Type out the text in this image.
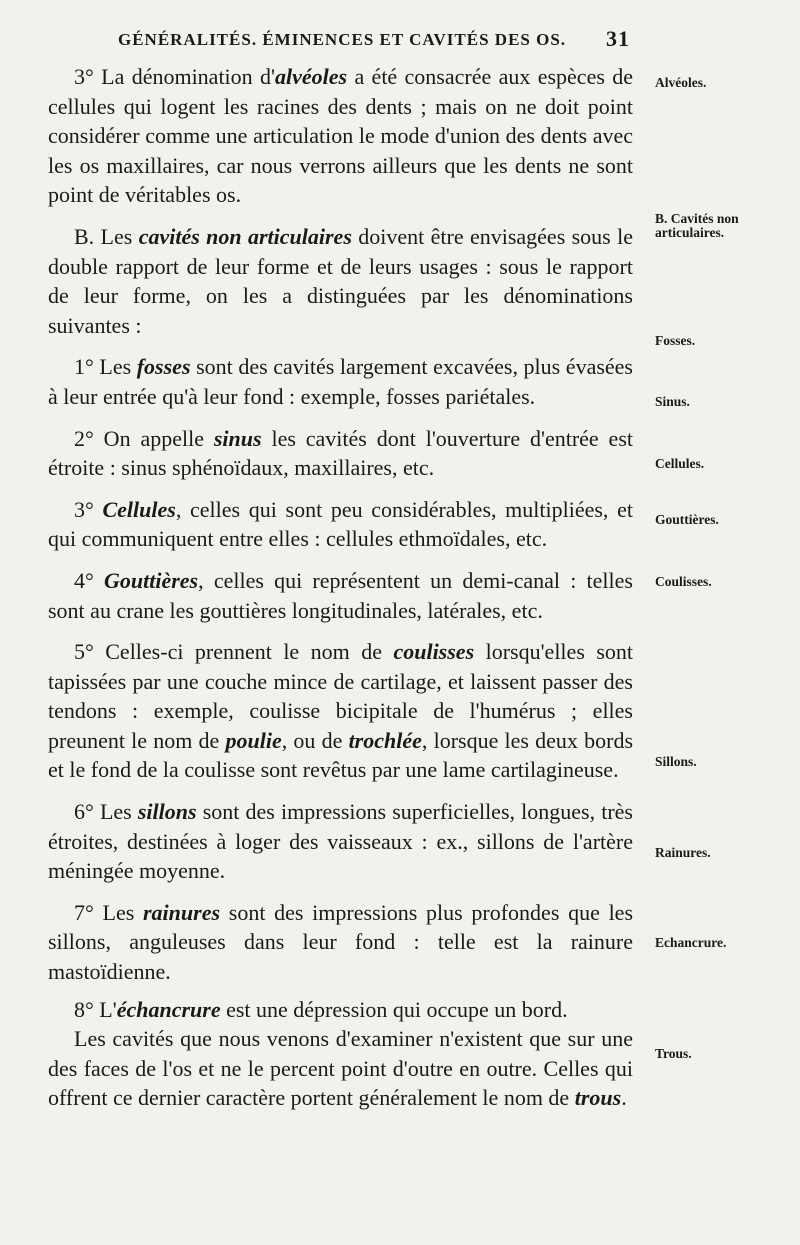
GÉNÉRALITÉS. ÉMINENCES ET CAVITÉS DES OS. 31

3° La dénomination d'alvéoles a été consacrée aux espèces de cellules qui logent les racines des dents ; mais on ne doit point considérer comme une articulation le mode d'union des dents avec les os maxillaires, car nous verrons ailleurs que les dents ne sont point de véritables os.

B. Les cavités non articulaires doivent être envisagées sous le double rapport de leur forme et de leurs usages : sous le rapport de leur forme, on les a distinguées par les dénominations suivantes :

1° Les fosses sont des cavités largement excavées, plus évasées à leur entrée qu'à leur fond : exemple, fosses pariétales.

2° On appelle sinus les cavités dont l'ouverture d'entrée est étroite : sinus sphénoïdaux, maxillaires, etc.

3° Cellules, celles qui sont peu considérables, multipliées, et qui communiquent entre elles : cellules ethmoïdales, etc.

4° Gouttières, celles qui représentent un demi-canal : telles sont au crane les gouttières longitudinales, latérales, etc.

5° Celles-ci prennent le nom de coulisses lorsqu'elles sont tapissées par une couche mince de cartilage, et laissent passer des tendons : exemple, coulisse bicipitale de l'humérus ; elles preunent le nom de poulie, ou de trochlée, lorsque les deux bords et le fond de la coulisse sont revêtus par une lame cartilagineuse.

6° Les sillons sont des impressions superficielles, longues, très étroites, destinées à loger des vaisseaux : ex., sillons de l'artère méningée moyenne.

7° Les rainures sont des impressions plus profondes que les sillons, anguleuses dans leur fond : telle est la rainure mastoïdienne.

8° L'échancrure est une dépression qui occupe un bord.

Les cavités que nous venons d'examiner n'existent que sur une des faces de l'os et ne le percent point d'outre en outre. Celles qui offrent ce dernier caractère portent généralement le nom de trous.

Alvéoles.
B. Cavités non articulaires.
Fosses.
Sinus.
Cellules.
Gouttières.
Coulisses.
Sillons.
Rainures.
Echancrure.
Trous.
